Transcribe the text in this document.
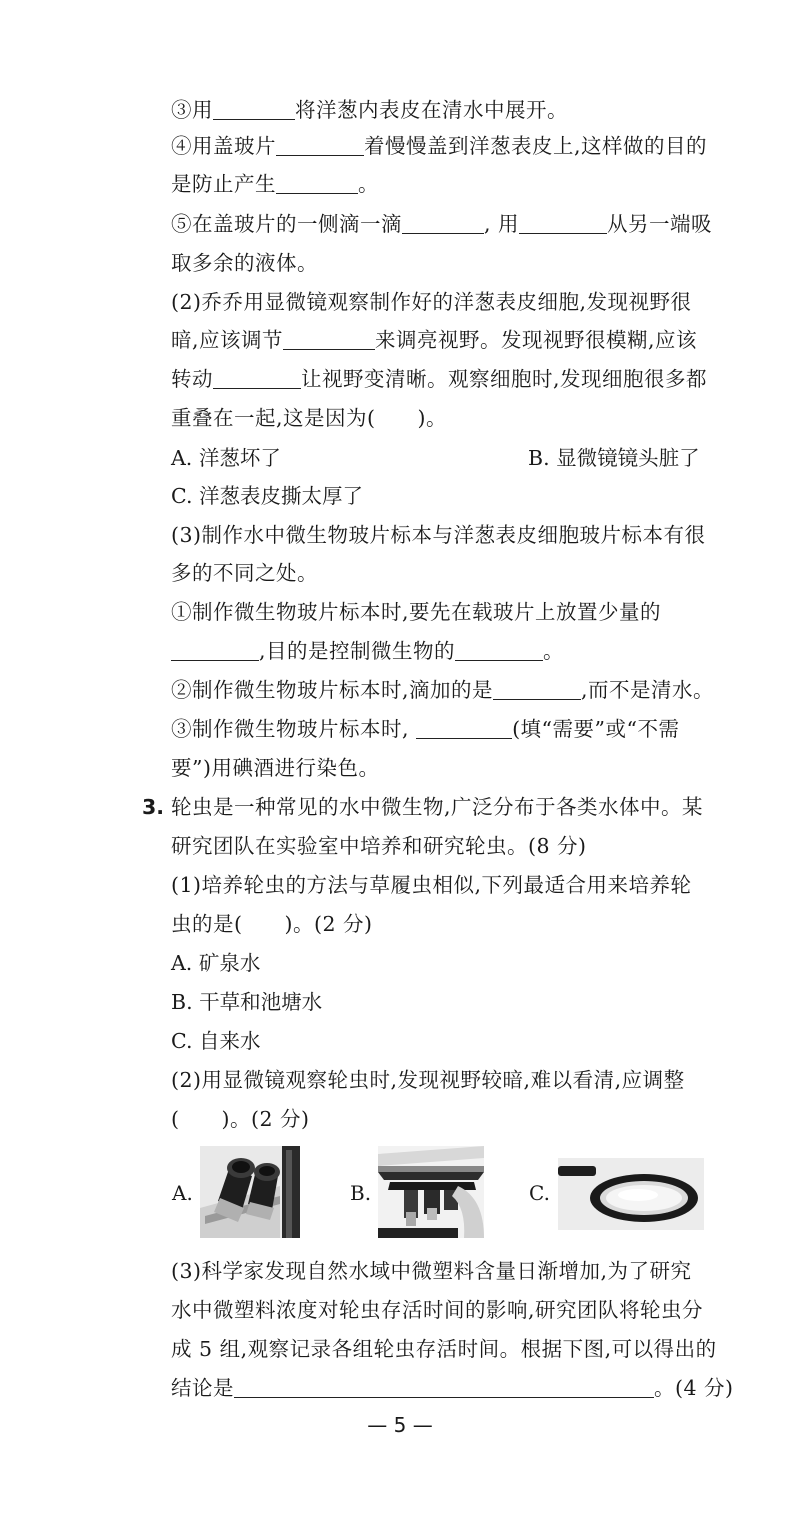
③用	将洋葱内表皮在清水中展开。
④用盖玻片	着慢慢盖到洋葱表皮上,这样做的目的
是防止产生	。
⑤在盖玻片的一侧滴一滴	, 用	从另一端吸
取多余的液体。
(2)乔乔用显微镜观察制作好的洋葱表皮细胞,发现视野很
暗,应该调节	来调亮视野。发现视野很模糊,应该
转动	让视野变清晰。观察细胞时,发现细胞很多都
重叠在一起,这是因为( )。
A. 洋葱坏了	B. 显微镜镜头脏了
C. 洋葱表皮撕太厚了
(3)制作水中微生物玻片标本与洋葱表皮细胞玻片标本有很
多的不同之处。
①制作微生物玻片标本时,要先在载玻片上放置少量的
,目的是控制微生物的	。
②制作微生物玻片标本时,滴加的是	,而不是清水。
③制作微生物玻片标本时,	(填“需要”或“不需
要”)用碘酒进行染色。
3. 轮虫是一种常见的水中微生物,广泛分布于各类水体中。某
研究团队在实验室中培养和研究轮虫。(8 分)
(1)培养轮虫的方法与草履虫相似,下列最适合用来培养轮
虫的是( )。(2 分)
A. 矿泉水
B. 干草和池塘水
C. 自来水
(2)用显微镜观察轮虫时,发现视野较暗,难以看清,应调整
( )。(2 分)
A.	B.	C.
(3)科学家发现自然水域中微塑料含量日渐增加,为了研究
水中微塑料浓度对轮虫存活时间的影响,研究团队将轮虫分
成 5 组,观察记录各组轮虫存活时间。根据下图,可以得出的
结论是	。(4 分)
— 5 —
